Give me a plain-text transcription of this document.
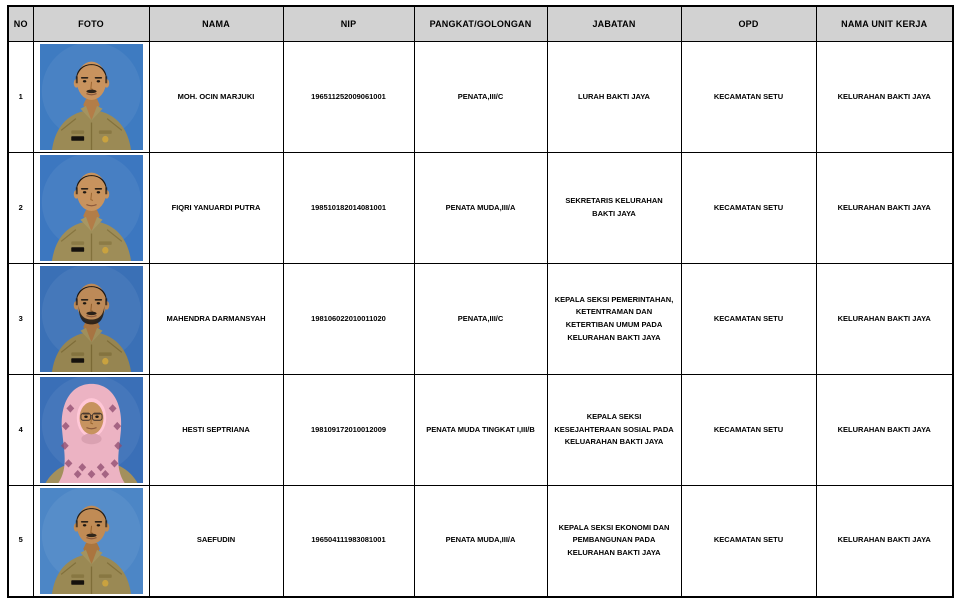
NO	FOTO	NAMA	NIP	PANGKAT/GOLONGAN	JABATAN	OPD	NAMA UNIT KERJA
1		MOH. OCIN MARJUKI	196511252009061001	PENATA,III/C	LURAH BAKTI JAYA	KECAMATAN SETU	KELURAHAN BAKTI JAYA
2		FIQRI YANUARDI PUTRA	198510182014081001	PENATA MUDA,III/A	SEKRETARIS KELURAHAN BAKTI JAYA	KECAMATAN SETU	KELURAHAN BAKTI JAYA
3		MAHENDRA DARMANSYAH	198106022010011020	PENATA,III/C	KEPALA SEKSI PEMERINTAHAN, KETENTRAMAN DAN KETERTIBAN UMUM PADA KELURAHAN BAKTI JAYA	KECAMATAN SETU	KELURAHAN BAKTI JAYA
4		HESTI SEPTRIANA	198109172010012009	PENATA MUDA TINGKAT I,III/B	KEPALA SEKSI KESEJAHTERAAN SOSIAL PADA KELUARAHAN BAKTI JAYA	KECAMATAN SETU	KELURAHAN BAKTI JAYA
5		SAEFUDIN	196504111983081001	PENATA MUDA,III/A	KEPALA SEKSI EKONOMI DAN PEMBANGUNAN PADA KELURAHAN BAKTI JAYA	KECAMATAN SETU	KELURAHAN BAKTI JAYA
